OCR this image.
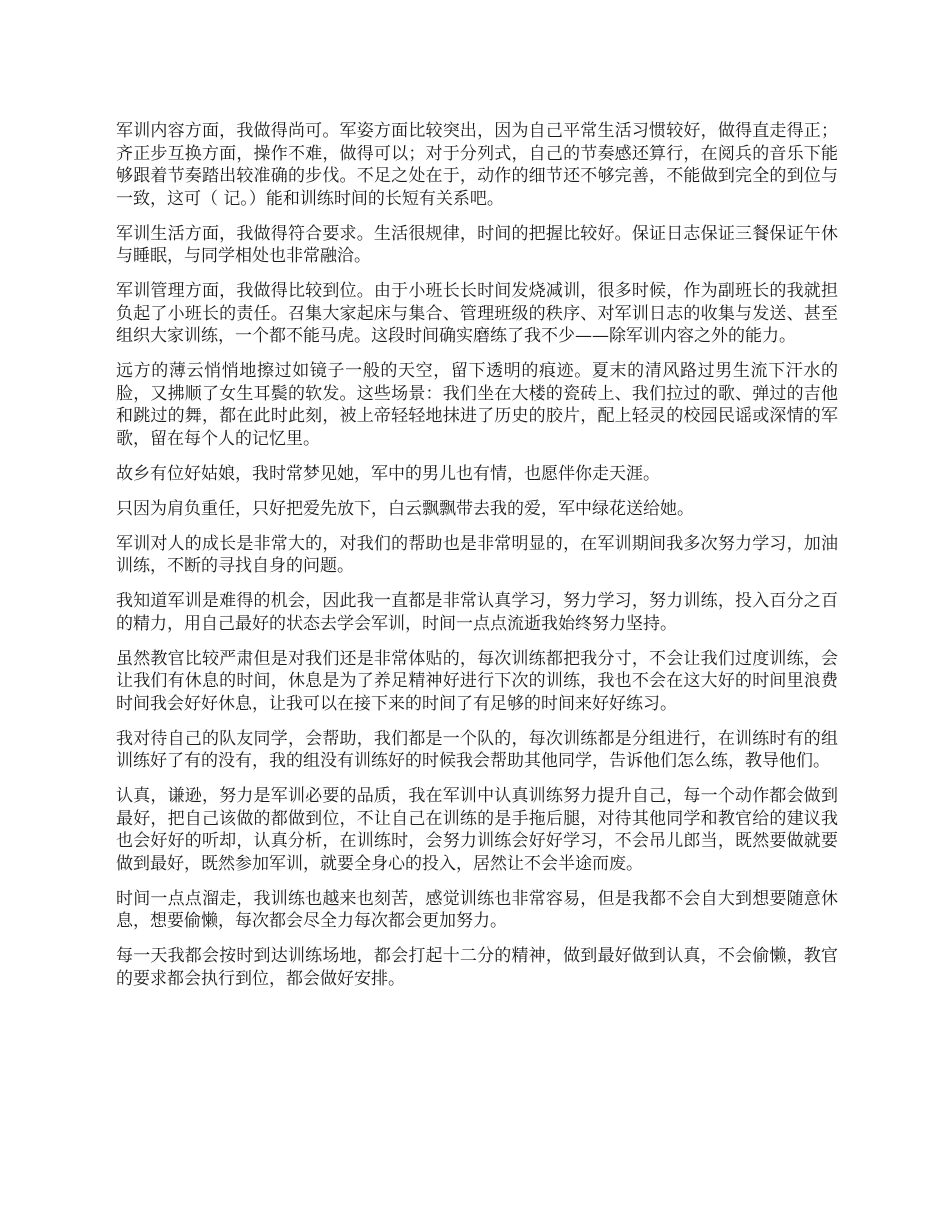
军训内容方面，我做得尚可。军姿方面比较突出，因为自己平常生活习惯较好，做得直走得正；齐正步互换方面，操作不难，做得可以；对于分列式，自己的节奏感还算行，在阅兵的音乐下能够跟着节奏踏出较准确的步伐。不足之处在于，动作的细节还不够完善，不能做到完全的到位与一致，这可（ 记。）能和训练时间的长短有关系吧。

军训生活方面，我做得符合要求。生活很规律，时间的把握比较好。保证日志保证三餐保证午休与睡眠，与同学相处也非常融洽。

军训管理方面，我做得比较到位。由于小班长长时间发烧减训，很多时候，作为副班长的我就担负起了小班长的责任。召集大家起床与集合、管理班级的秩序、对军训日志的收集与发送、甚至组织大家训练，一个都不能马虎。这段时间确实磨练了我不少——除军训内容之外的能力。

远方的薄云悄悄地擦过如镜子一般的天空，留下透明的痕迹。夏末的清风路过男生流下汗水的脸，又拂顺了女生耳鬓的软发。这些场景：我们坐在大楼的瓷砖上、我们拉过的歌、弹过的吉他和跳过的舞，都在此时此刻，被上帝轻轻地抹进了历史的胶片，配上轻灵的校园民谣或深情的军歌，留在每个人的记忆里。

故乡有位好姑娘，我时常梦见她，军中的男儿也有情，也愿伴你走天涯。

只因为肩负重任，只好把爱先放下，白云飘飘带去我的爱，军中绿花送给她。

军训对人的成长是非常大的，对我们的帮助也是非常明显的，在军训期间我多次努力学习，加油训练，不断的寻找自身的问题。

我知道军训是难得的机会，因此我一直都是非常认真学习，努力学习，努力训练，投入百分之百的精力，用自己最好的状态去学会军训，时间一点点流逝我始终努力坚持。

虽然教官比较严肃但是对我们还是非常体贴的，每次训练都把我分寸，不会让我们过度训练，会让我们有休息的时间，休息是为了养足精神好进行下次的训练，我也不会在这大好的时间里浪费时间我会好好休息，让我可以在接下来的时间了有足够的时间来好好练习。

我对待自己的队友同学，会帮助，我们都是一个队的，每次训练都是分组进行，在训练时有的组训练好了有的没有，我的组没有训练好的时候我会帮助其他同学，告诉他们怎么练，教导他们。

认真，谦逊，努力是军训必要的品质，我在军训中认真训练努力提升自己，每一个动作都会做到最好，把自己该做的都做到位，不让自己在训练的是手拖后腿，对待其他同学和教官给的建议我也会好好的听却，认真分析，在训练时，会努力训练会好好学习，不会吊儿郎当，既然要做就要做到最好，既然参加军训，就要全身心的投入，居然让不会半途而废。

时间一点点溜走，我训练也越来也刻苦，感觉训练也非常容易，但是我都不会自大到想要随意休息，想要偷懒，每次都会尽全力每次都会更加努力。

每一天我都会按时到达训练场地，都会打起十二分的精神，做到最好做到认真，不会偷懒，教官的要求都会执行到位，都会做好安排。
